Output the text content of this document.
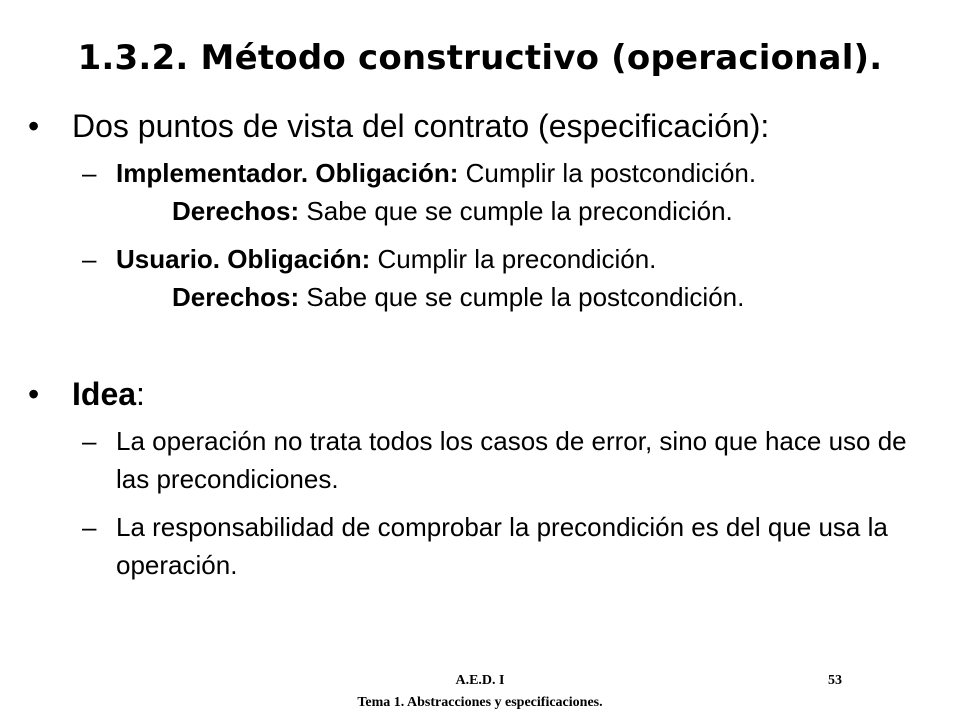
1.3.2. Método constructivo (operacional).
• Dos puntos de vista del contrato (especificación):
– Implementador. Obligación: Cumplir la postcondición.
Derechos: Sabe que se cumple la precondición.
– Usuario. Obligación: Cumplir la precondición.
Derechos: Sabe que se cumple la postcondición.
• Idea:
– La operación no trata todos los casos de error, sino que hace uso de las precondiciones.
– La responsabilidad de comprobar la precondición es del que usa la operación.
A.E.D. I
Tema 1. Abstracciones y especificaciones.
53
